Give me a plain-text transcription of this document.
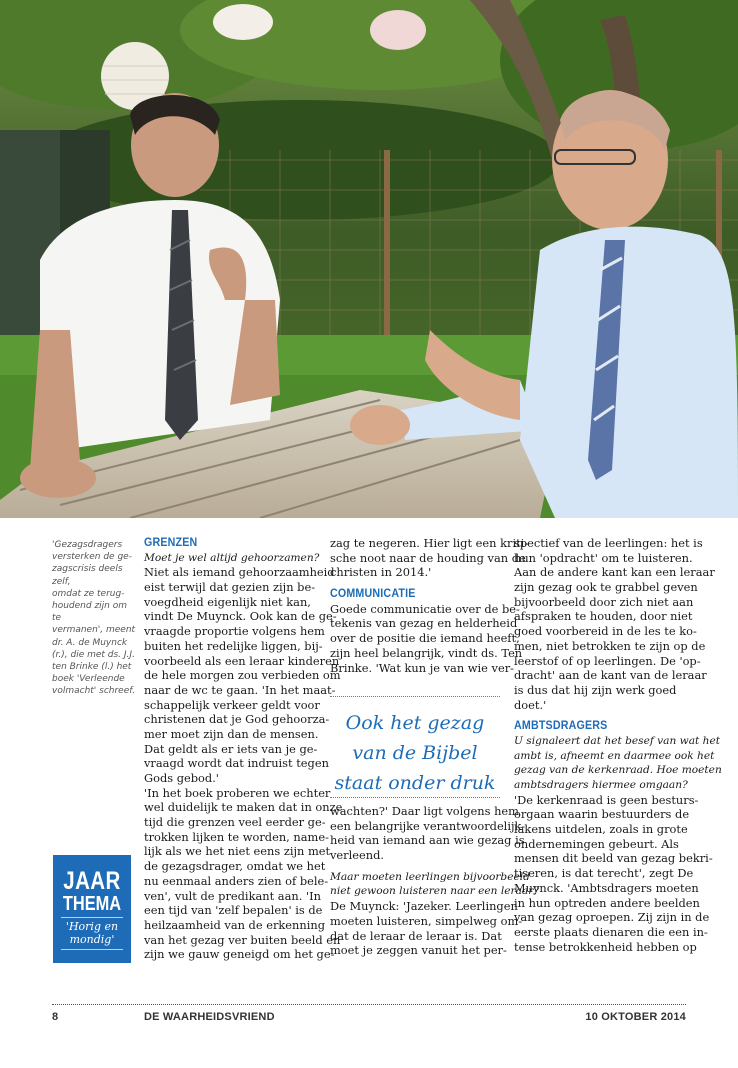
'Gezagsdragers
versterken de ge-
zagscrisis deels zelf,
omdat ze terug-
houdend zijn om te
vermanen', meent
dr. A. de Muynck
(r.), die met ds. J.J.
ten Brinke (l.) het
boek 'Verleende
volmacht' schreef.
JAAR
THEMA
'Horig en
mondig'
GRENZEN
Moet je wel altijd gehoorzamen?
Niet als iemand gehoorzaamheid
eist terwijl dat gezien zijn be-
voegdheid eigenlijk niet kan,
vindt De Muynck. Ook kan de ge-
vraagde proportie volgens hem
buiten het redelijke liggen, bij-
voorbeeld als een leraar kinderen
de hele morgen zou verbieden om
naar de wc te gaan. 'In het maat-
schappelijk verkeer geldt voor
christenen dat je God gehoorza-
mer moet zijn dan de mensen.
Dat geldt als er iets van je ge-
vraagd wordt dat indruist tegen
Gods gebod.'
'In het boek proberen we echter
wel duidelijk te maken dat in onze
tijd die grenzen veel eerder ge-
trokken lijken te worden, name-
lijk als we het niet eens zijn met
de gezagsdrager, omdat we het
nu eenmaal anders zien of bele-
ven', vult de predikant aan. 'In
een tijd van 'zelf bepalen' is de
heilzaamheid van de erkenning
van het gezag ver buiten beeld en
zijn we gauw geneigd om het ge-
zag te negeren. Hier ligt een kriti-
sche noot naar de houding van de
christen in 2014.'
COMMUNICATIE
Goede communicatie over de be-
tekenis van gezag en helderheid
over de positie die iemand heeft,
zijn heel belangrijk, vindt ds. Ten
Brinke. 'Wat kun je van wie ver-
Ook het gezag
van de Bijbel
staat onder druk
wachten?' Daar ligt volgens hem
een belangrijke verantwoordelijk-
heid van iemand aan wie gezag is
verleend.
Maar moeten leerlingen bijvoorbeeld
niet gewoon luisteren naar een leraar?
De Muynck: 'Jazeker. Leerlingen
moeten luisteren, simpelweg om-
dat de leraar de leraar is. Dat
moet je zeggen vanuit het per-
spectief van de leerlingen: het is
hun 'opdracht' om te luisteren.
Aan de andere kant kan een leraar
zijn gezag ook te grabbel geven
bijvoorbeeld door zich niet aan
afspraken te houden, door niet
goed voorbereid in de les te ko-
men, niet betrokken te zijn op de
leerstof of op leerlingen. De 'op-
dracht' aan de kant van de leraar
is dus dat hij zijn werk goed
doet.'
AMBTSDRAGERS
U signaleert dat het besef van wat het
ambt is, afneemt en daarmee ook het
gezag van de kerkenraad. Hoe moeten
ambtsdragers hiermee omgaan?
'De kerkenraad is geen besturs-
orgaan waarin bestuurders de
lakens uitdelen, zoals in grote
ondernemingen gebeurt. Als
mensen dit beeld van gezag bekri-
tiseren, is dat terecht', zegt De
Muynck. 'Ambtsdragers moeten
in hun optreden andere beelden
van gezag oproepen. Zij zijn in de
eerste plaats dienaren die een in-
tense betrokkenheid hebben op
8	DE WAARHEIDSVRIEND	10 OKTOBER 2014
